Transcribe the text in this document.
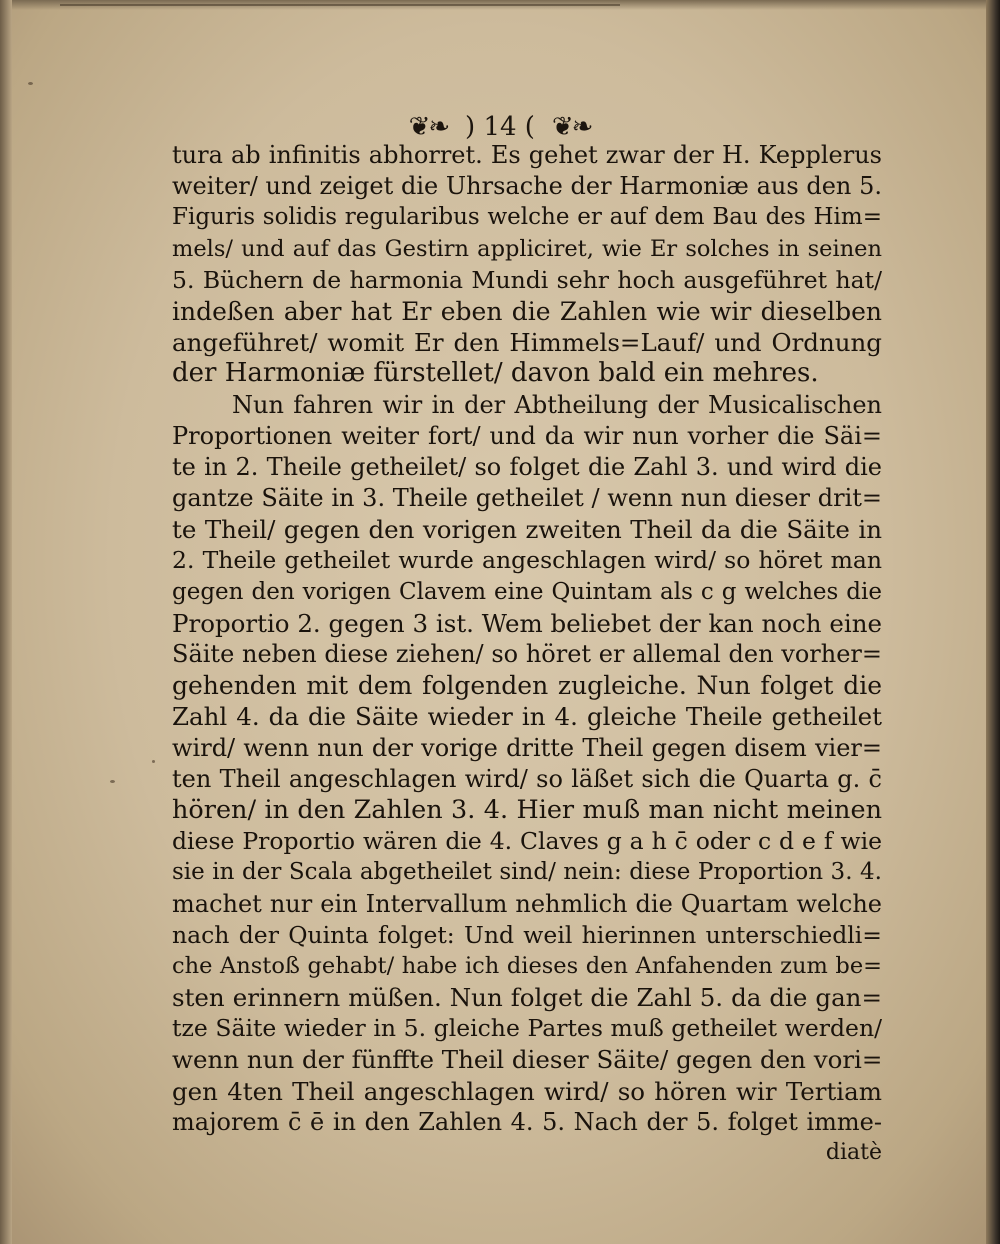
❦❧ ) 14 ( ❦❧
tura ab infinitis abhorret. Es gehet zwar der H. Kepplerus
weiter/ und zeiget die Uhrsache der Harmoniæ aus den 5.
Figuris solidis regularibus welche er auf dem Bau des Him=
mels/ und auf das Gestirn appliciret, wie Er solches in seinen
5. Büchern de harmonia Mundi sehr hoch ausgeführet hat/
indeßen aber hat Er eben die Zahlen wie wir dieselben
angeführet/ womit Er den Himmels=Lauf/ und Ordnung
der Harmoniæ fürstellet/ davon bald ein mehres.
Nun fahren wir in der Abtheilung der Musicalischen
Proportionen weiter fort/ und da wir nun vorher die Säi=
te in 2. Theile getheilet/ so folget die Zahl 3. und wird die
gantze Säite in 3. Theile getheilet / wenn nun dieser drit=
te Theil/ gegen den vorigen zweiten Theil da die Säite in
2. Theile getheilet wurde angeschlagen wird/ so höret man
gegen den vorigen Clavem eine Quintam als c g welches die
Proportio 2. gegen 3 ist. Wem beliebet der kan noch eine
Säite neben diese ziehen/ so höret er allemal den vorher=
gehenden mit dem folgenden zugleiche. Nun folget die
Zahl 4. da die Säite wieder in 4. gleiche Theile getheilet
wird/ wenn nun der vorige dritte Theil gegen disem vier=
ten Theil angeschlagen wird/ so läßet sich die Quarta g. c̄
hören/ in den Zahlen 3. 4. Hier muß man nicht meinen
diese Proportio wären die 4. Claves g a h c̄ oder c d e f wie
sie in der Scala abgetheilet sind/ nein: diese Proportion 3. 4.
machet nur ein Intervallum nehmlich die Quartam welche
nach der Quinta folget: Und weil hierinnen unterschiedli=
che Anstoß gehabt/ habe ich dieses den Anfahenden zum be=
sten erinnern müßen. Nun folget die Zahl 5. da die gan=
tze Säite wieder in 5. gleiche Partes muß getheilet werden/
wenn nun der fünffte Theil dieser Säite/ gegen den vori=
gen 4ten Theil angeschlagen wird/ so hören wir Tertiam
majorem c̄ ē in den Zahlen 4. 5. Nach der 5. folget imme-
diatè
